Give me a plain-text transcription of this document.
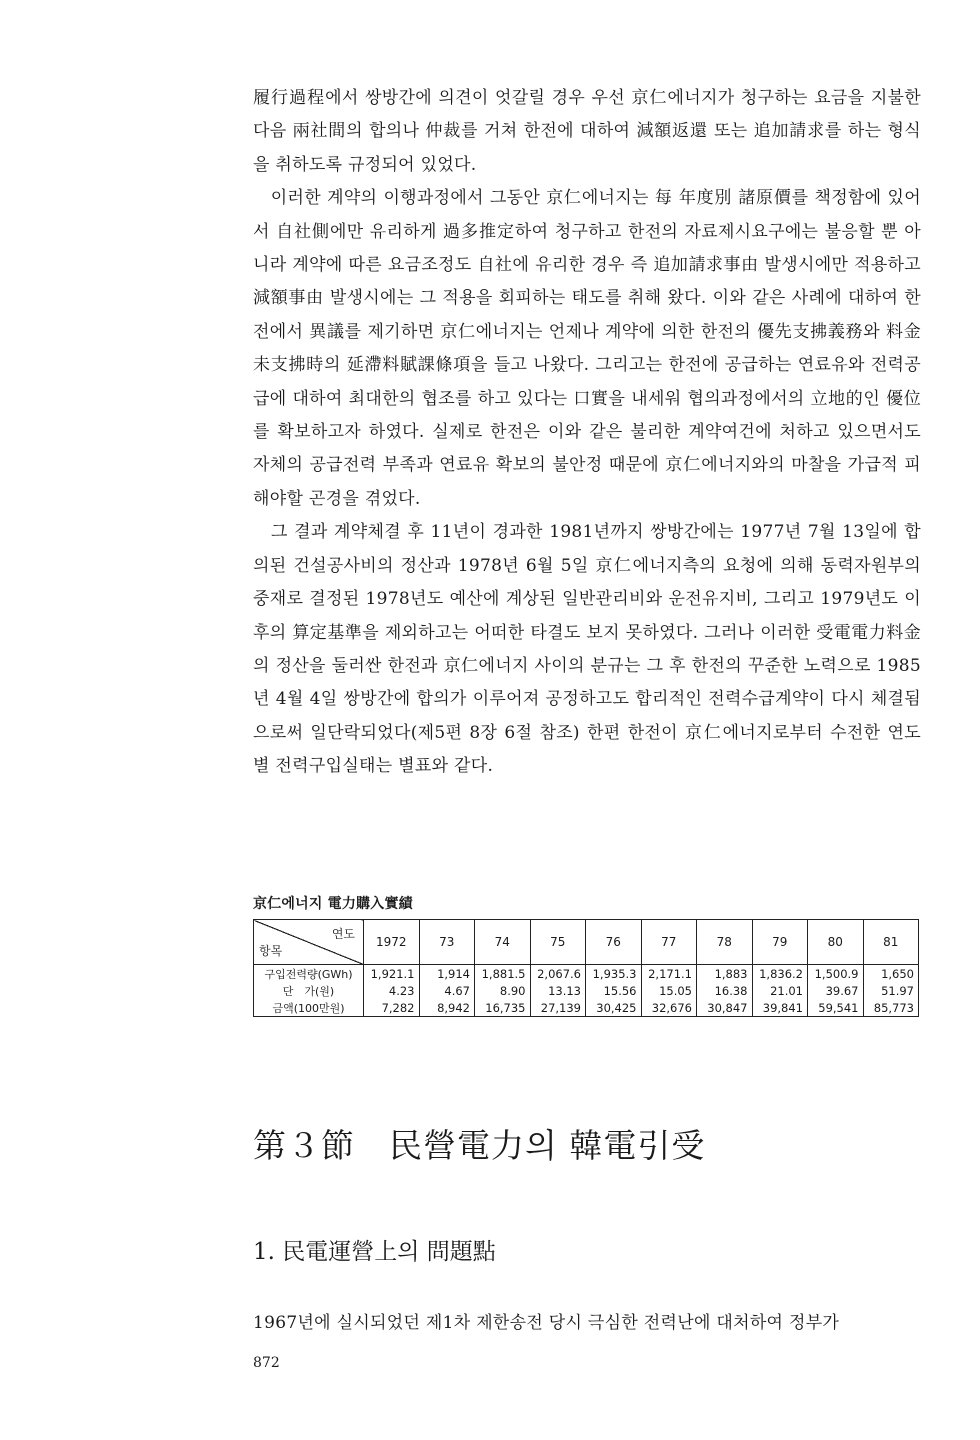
履行過程에서 쌍방간에 의견이 엇갈릴 경우 우선 京仁에너지가 청구하는 요금을 지불한 다음 兩社間의 합의나 仲裁를 거쳐 한전에 대하여 減額返還 또는 追加請求를 하는 형식을 취하도록 규정되어 있었다.

　이러한 계약의 이행과정에서 그동안 京仁에너지는 每 年度別 諸原價를 책정함에 있어서 自社側에만 유리하게 過多推定하여 청구하고 한전의 자료제시요구에는 불응할 뿐 아니라 계약에 따른 요금조정도 自社에 유리한 경우 즉 追加請求事由 발생시에만 적용하고 減額事由 발생시에는 그 적용을 회피하는 태도를 취해 왔다. 이와 같은 사례에 대하여 한전에서 異議를 제기하면 京仁에너지는 언제나 계약에 의한 한전의 優先支拂義務와 料金未支拂時의 延滯料賦課條項을 들고 나왔다. 그리고는 한전에 공급하는 연료유와 전력공급에 대하여 최대한의 협조를 하고 있다는 口實을 내세워 협의과정에서의 立地的인 優位를 확보하고자 하였다. 실제로 한전은 이와 같은 불리한 계약여건에 처하고 있으면서도 자체의 공급전력 부족과 연료유 확보의 불안정 때문에 京仁에너지와의 마찰을 가급적 피해야할 곤경을 겪었다.

　그 결과 계약체결 후 11년이 경과한 1981년까지 쌍방간에는 1977년 7월 13일에 합의된 건설공사비의 정산과 1978년 6월 5일 京仁에너지측의 요청에 의해 동력자원부의 중재로 결정된 1978년도 예산에 계상된 일반관리비와 운전유지비, 그리고 1979년도 이후의 算定基準을 제외하고는 어떠한 타결도 보지 못하였다. 그러나 이러한 受電電力料金의 정산을 둘러싼 한전과 京仁에너지 사이의 분규는 그 후 한전의 꾸준한 노력으로 1985년 4월 4일 쌍방간에 합의가 이루어져 공정하고도 합리적인 전력수급계약이 다시 체결됨으로써 일단락되었다(제5편 8장 6절 참조) 한편 한전이 京仁에너지로부터 수전한 연도별 전력구입실태는 별표와 같다.

京仁에너지 電力購入實績
연도
항목	1972	73	74	75	76	77	78	79	80	81
구입전력량(GWh)	1,921.1	1,914	1,881.5	2,067.6	1,935.3	2,171.1	1,883	1,836.2	1,500.9	1,650
단　가(원)	4.23	4.67	8.90	13.13	15.56	15.05	16.38	21.01	39.67	51.97
금액(100만원)	7,282	8,942	16,735	27,139	30,425	32,676	30,847	39,841	59,541	85,773
第３節　民營電力의 韓電引受
1. 民電運營上의 問題點
1967년에 실시되었던 제1차 제한송전 당시 극심한 전력난에 대처하여 정부가
872
